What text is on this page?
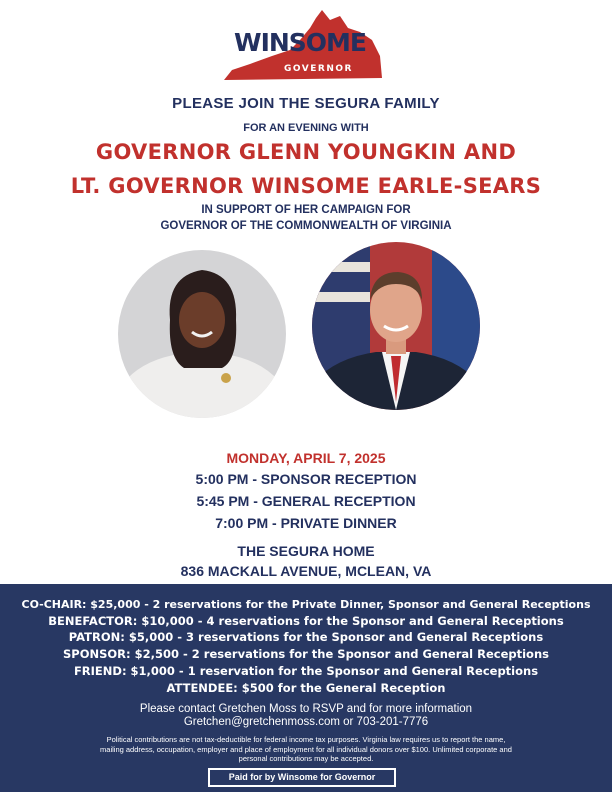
WINSOME
GOVERNOR
PLEASE JOIN THE SEGURA FAMILY
FOR AN EVENING WITH
GOVERNOR GLENN YOUNGKIN AND
LT. GOVERNOR WINSOME EARLE-SEARS
IN SUPPORT OF HER CAMPAIGN FOR
GOVERNOR OF THE COMMONWEALTH OF VIRGINIA
MONDAY, APRIL 7, 2025
5:00 PM - SPONSOR RECEPTION
5:45 PM - GENERAL RECEPTION
7:00 PM - PRIVATE DINNER
THE SEGURA HOME
836 MACKALL AVENUE, MCLEAN, VA
CO-CHAIR: $25,000 - 2 reservations for the Private Dinner, Sponsor and General Receptions
BENEFACTOR: $10,000 - 4 reservations for the Sponsor and General Receptions
PATRON: $5,000 - 3 reservations for the Sponsor and General Receptions
SPONSOR: $2,500 - 2 reservations for the Sponsor and General Receptions
FRIEND: $1,000 - 1 reservation for the Sponsor and General Receptions
ATTENDEE: $500 for the General Reception
Please contact Gretchen Moss to RSVP and for more information
Gretchen@gretchenmoss.com or 703-201-7776
Political contributions are not tax-deductible for federal income tax purposes. Virginia law requires us to report the name,
mailing address, occupation, employer and place of employment for all individual donors over $100. Unlimited corporate and
personal contributions may be accepted.
Paid for by Winsome for Governor
